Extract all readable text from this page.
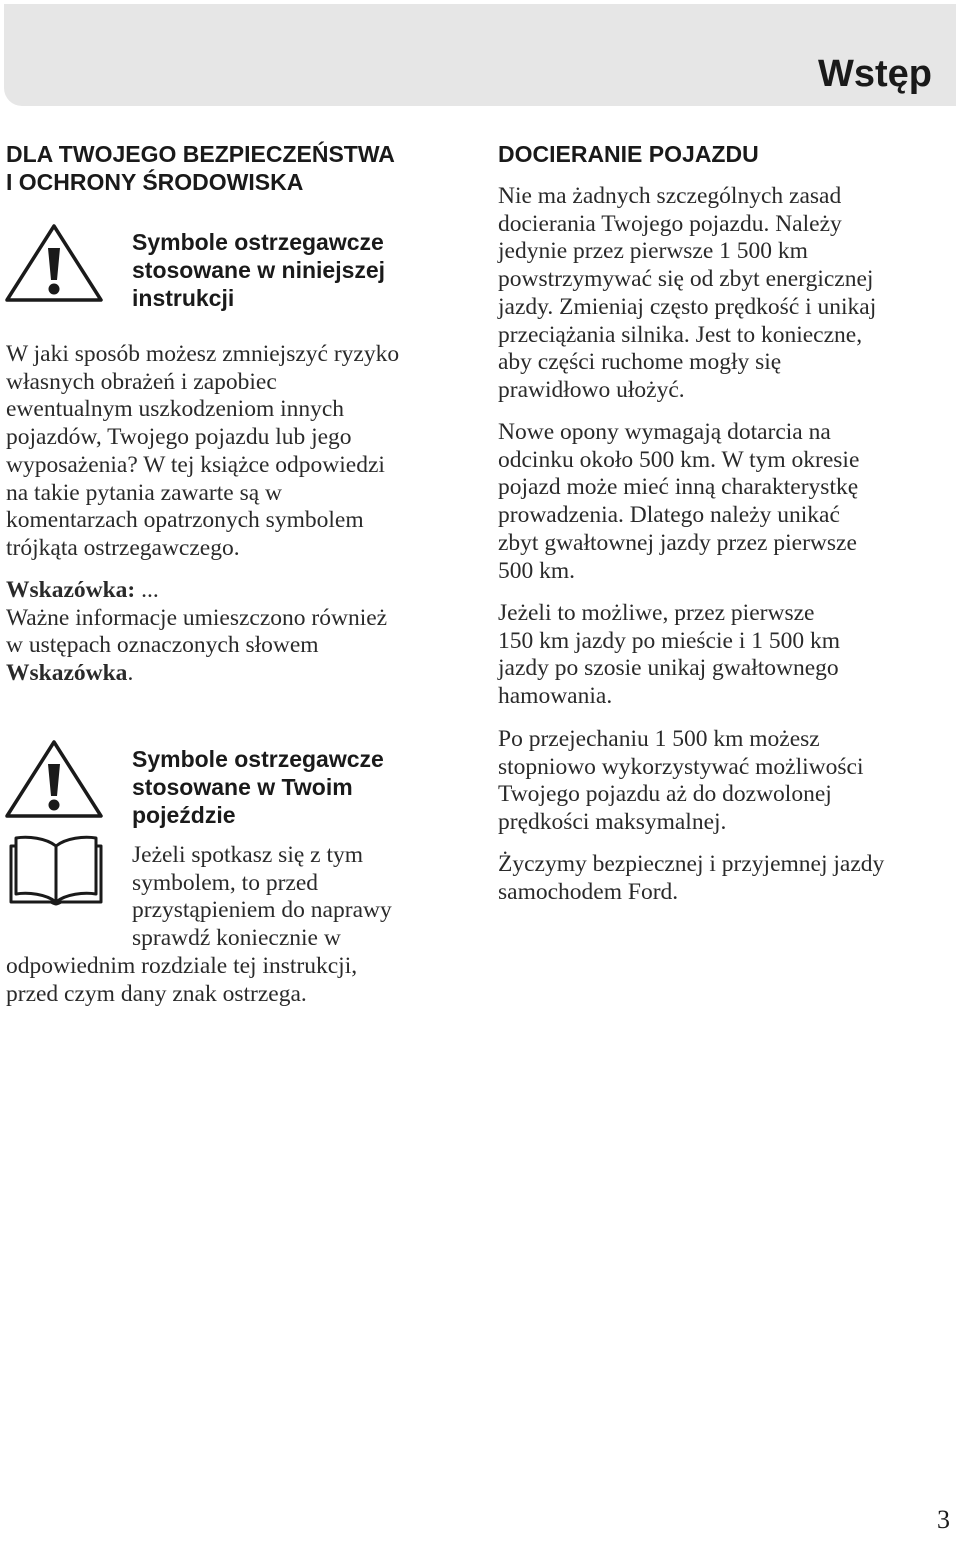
Wstęp
DLA TWOJEGO BEZPIECZEŃSTWA
I OCHRONY ŚRODOWISKA
Symbole ostrzegawcze
stosowane w niniejszej
instrukcji
W jaki sposób możesz zmniejszyć ryzyko
własnych obrażeń i zapobiec
ewentualnym uszkodzeniom innych
pojazdów, Twojego pojazdu lub jego
wyposażenia? W tej książce odpowiedzi
na takie pytania zawarte są w
komentarzach opatrzonych symbolem
trójkąta ostrzegawczego.
Wskazówka: ...
Ważne informacje umieszczono również
w ustępach oznaczonych słowem
Wskazówka.
Symbole ostrzegawcze
stosowane w Twoim
pojeździe
Jeżeli spotkasz się z tym
symbolem, to przed
przystąpieniem do naprawy
sprawdź koniecznie w
odpowiednim rozdziale tej instrukcji,
przed czym dany znak ostrzega.
DOCIERANIE POJAZDU
Nie ma żadnych szczególnych zasad
docierania Twojego pojazdu. Należy
jedynie przez pierwsze 1 500 km
powstrzymywać się od zbyt energicznej
jazdy. Zmieniaj często prędkość i unikaj
przeciążania silnika. Jest to konieczne,
aby części ruchome mogły się
prawidłowo ułożyć.
Nowe opony wymagają dotarcia na
odcinku około 500 km. W tym okresie
pojazd może mieć inną charakterystkę
prowadzenia. Dlatego należy unikać
zbyt gwałtownej jazdy przez pierwsze
500 km.
Jeżeli to możliwe, przez pierwsze
150 km jazdy po mieście i 1 500 km
jazdy po szosie unikaj gwałtownego
hamowania.
Po przejechaniu 1 500 km możesz
stopniowo wykorzystywać możliwości
Twojego pojazdu aż do dozwolonej
prędkości maksymalnej.
Życzymy bezpiecznej i przyjemnej jazdy
samochodem Ford.
3
